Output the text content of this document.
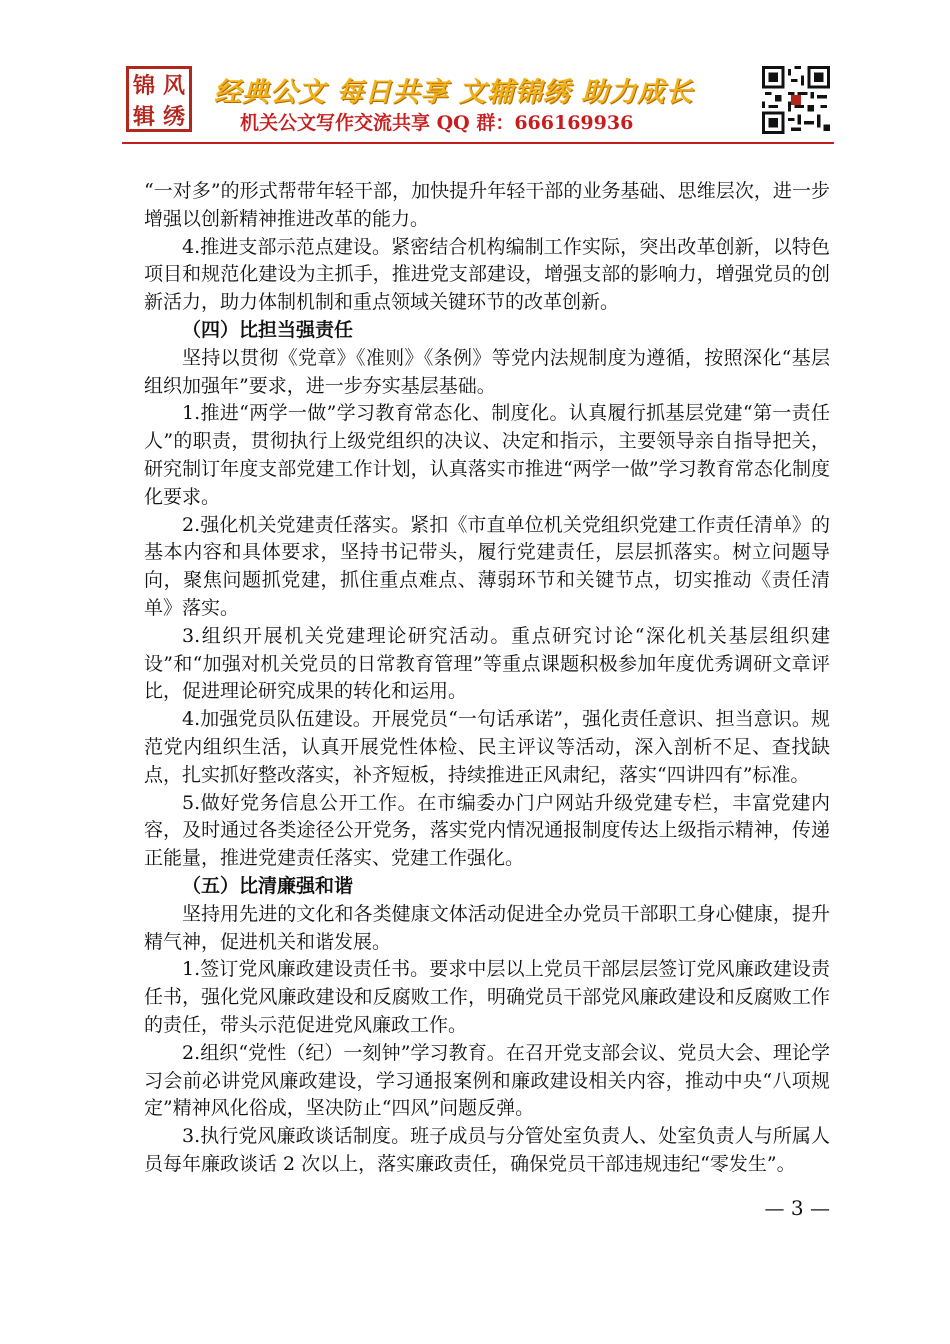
锦 风
辑 绣
经典公文 每日共享 文辅锦绣 助力成长
机关公文写作交流共享 QQ 群：666169936

“一对多”的形式帮带年轻干部，加快提升年轻干部的业务基础、思维层次，进一步增强以创新精神推进改革的能力。

4.推进支部示范点建设。紧密结合机构编制工作实际，突出改革创新，以特色项目和规范化建设为主抓手，推进党支部建设，增强支部的影响力，增强党员的创新活力，助力体制机制和重点领域关键环节的改革创新。

（四）比担当强责任

坚持以贯彻《党章》《准则》《条例》等党内法规制度为遵循，按照深化“基层组织加强年”要求，进一步夯实基层基础。

1.推进“两学一做”学习教育常态化、制度化。认真履行抓基层党建“第一责任人”的职责，贯彻执行上级党组织的决议、决定和指示，主要领导亲自指导把关，研究制订年度支部党建工作计划，认真落实市推进“两学一做”学习教育常态化制度化要求。

2.强化机关党建责任落实。紧扣《市直单位机关党组织党建工作责任清单》的基本内容和具体要求，坚持书记带头，履行党建责任，层层抓落实。树立问题导向，聚焦问题抓党建，抓住重点难点、薄弱环节和关键节点，切实推动《责任清单》落实。

3.组织开展机关党建理论研究活动。重点研究讨论“深化机关基层组织建设”和“加强对机关党员的日常教育管理”等重点课题积极参加年度优秀调研文章评比，促进理论研究成果的转化和运用。

4.加强党员队伍建设。开展党员“一句话承诺”，强化责任意识、担当意识。规范党内组织生活，认真开展党性体检、民主评议等活动，深入剖析不足、查找缺点，扎实抓好整改落实，补齐短板，持续推进正风肃纪，落实“四讲四有”标准。

5.做好党务信息公开工作。在市编委办门户网站升级党建专栏，丰富党建内容，及时通过各类途径公开党务，落实党内情况通报制度传达上级指示精神，传递正能量，推进党建责任落实、党建工作强化。

（五）比清廉强和谐

坚持用先进的文化和各类健康文体活动促进全办党员干部职工身心健康，提升精气神，促进机关和谐发展。

1.签订党风廉政建设责任书。要求中层以上党员干部层层签订党风廉政建设责任书，强化党风廉政建设和反腐败工作，明确党员干部党风廉政建设和反腐败工作的责任，带头示范促进党风廉政工作。

2.组织“党性（纪）一刻钟”学习教育。在召开党支部会议、党员大会、理论学习会前必讲党风廉政建设，学习通报案例和廉政建设相关内容，推动中央“八项规定”精神风化俗成，坚决防止“四风”问题反弹。

3.执行党风廉政谈话制度。班子成员与分管处室负责人、处室负责人与所属人员每年廉政谈话 2 次以上，落实廉政责任，确保党员干部违规违纪“零发生”。

— 3 —
